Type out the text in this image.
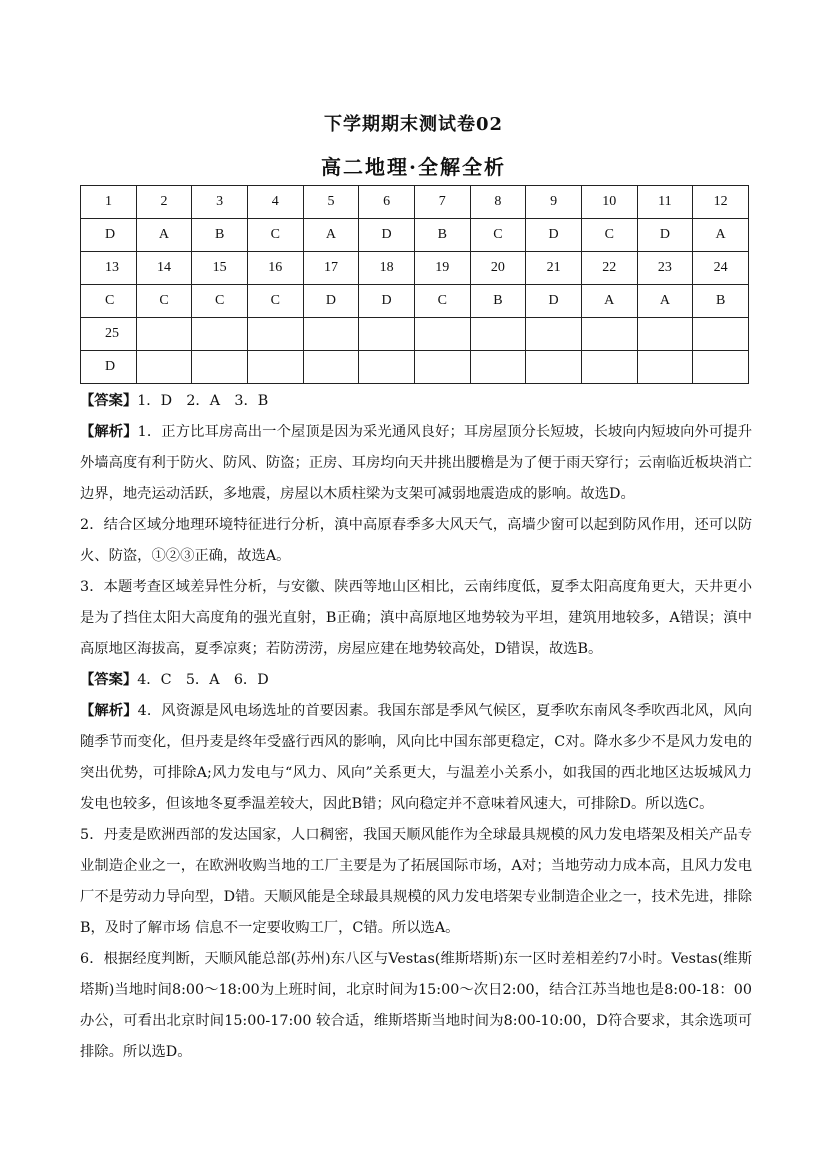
下学期期末测试卷02
高二地理·全解全析
1	2	3	4	5	6	7	8	9	10	11	12
D	A	B	C	A	D	B	C	D	C	D	A
13	14	15	16	17	18	19	20	21	22	23	24
C	C	C	C	D	D	C	B	D	A	A	B
25											
D											

【答案】1．D　2．A　3．B

【解析】1．正方比耳房高出一个屋顶是因为采光通风良好；耳房屋顶分长短坡，长坡向内短坡向外可提升外墙高度有利于防火、防风、防盗；正房、耳房均向天井挑出腰檐是为了便于雨天穿行；云南临近板块消亡边界，地壳运动活跃，多地震，房屋以木质柱梁为支架可减弱地震造成的影响。故选D。

2．结合区域分地理环境特征进行分析，滇中高原春季多大风天气，高墙少窗可以起到防风作用，还可以防火、防盗，①②③正确，故选A。

3．本题考查区域差异性分析，与安徽、陕西等地山区相比，云南纬度低，夏季太阳高度角更大，天井更小是为了挡住太阳大高度角的强光直射，B正确；滇中高原地区地势较为平坦，建筑用地较多，A错误；滇中高原地区海拔高，夏季凉爽；若防涝涝，房屋应建在地势较高处，D错误，故选B。

【答案】4．C　5．A　6．D

【解析】4．风资源是风电场选址的首要因素。我国东部是季风气候区，夏季吹东南风冬季吹西北风，风向随季节而变化，但丹麦是终年受盛行西风的影响，风向比中国东部更稳定，C对。降水多少不是风力发电的突出优势，可排除A;风力发电与“风力、风向”关系更大，与温差小关系小，如我国的西北地区达坂城风力发电也较多，但该地冬夏季温差较大，因此B错；风向稳定并不意味着风速大，可排除D。所以选C。

5．丹麦是欧洲西部的发达国家，人口稠密，我国天顺风能作为全球最具规模的风力发电塔架及相关产品专业制造企业之一，在欧洲收购当地的工厂主要是为了拓展国际市场，A对；当地劳动力成本高，且风力发电厂不是劳动力导向型，D错。天顺风能是全球最具规模的风力发电塔架专业制造企业之一，技术先进，排除B，及时了解市场 信息不一定要收购工厂，C错。所以选A。

6．根据经度判断，天顺风能总部(苏州)东八区与Vestas(维斯塔斯)东一区时差相差约7小时。Vestas(维斯塔斯)当地时间8:00～18:00为上班时间，北京时间为15:00～次日2:00，结合江苏当地也是8:00-18：00办公，可看出北京时间15:00-17:00 较合适，维斯塔斯当地时间为8:00-10:00，D符合要求，其余选项可排除。所以选D。
